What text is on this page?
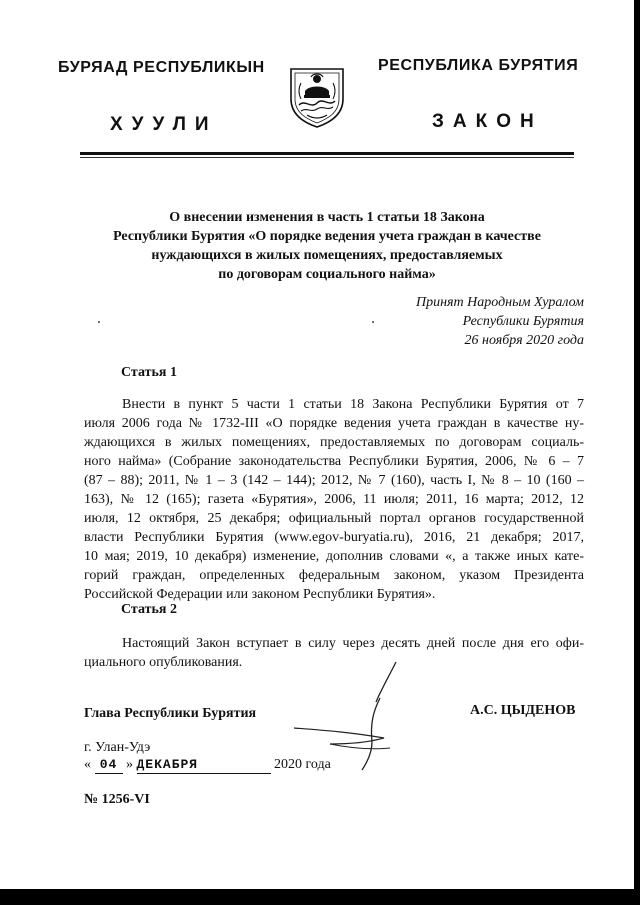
БУРЯАД РЕСПУБЛИКЫН
ХУУЛИ
РЕСПУБЛИКА БУРЯТИЯ
ЗАКОН
О внесении изменения в часть 1 статьи 18 Закона
Республики Бурятия «О порядке ведения учета граждан в качестве
нуждающихся в жилых помещениях, предоставляемых
по договорам социального найма»
Принят Народным Хуралом
Республики Бурятия
26 ноября 2020 года
Статья 1
Внести в пункт 5 части 1 статьи 18 Закона Республики Бурятия от 7
июля 2006 года № 1732-III «О порядке ведения учета граждан в качестве ну-
ждающихся в жилых помещениях, предоставляемых по договорам социаль-
ного найма» (Собрание законодательства Республики Бурятия, 2006, № 6 – 7
(87 – 88); 2011, № 1 – 3 (142 – 144); 2012, № 7 (160), часть I, № 8 – 10 (160 –
163), № 12 (165); газета «Бурятия», 2006, 11 июля; 2011, 16 марта; 2012, 12
июля, 12 октября, 25 декабря; официальный портал органов государственной
власти Республики Бурятия (www.egov-buryatia.ru), 2016, 21 декабря; 2017,
10 мая; 2019, 10 декабря) изменение, дополнив словами «, а также иных кате-
горий граждан, определенных федеральным законом, указом Президента
Российской Федерации или законом Республики Бурятия».
Статья 2
Настоящий Закон вступает в силу через десять дней после дня его офи-
циального опубликования.
Глава Республики Бурятия	А.С. ЦЫДЕНОВ
г. Улан-Удэ
« 04 » ДЕКАБРЯ	2020 года
№ 1256-VI
